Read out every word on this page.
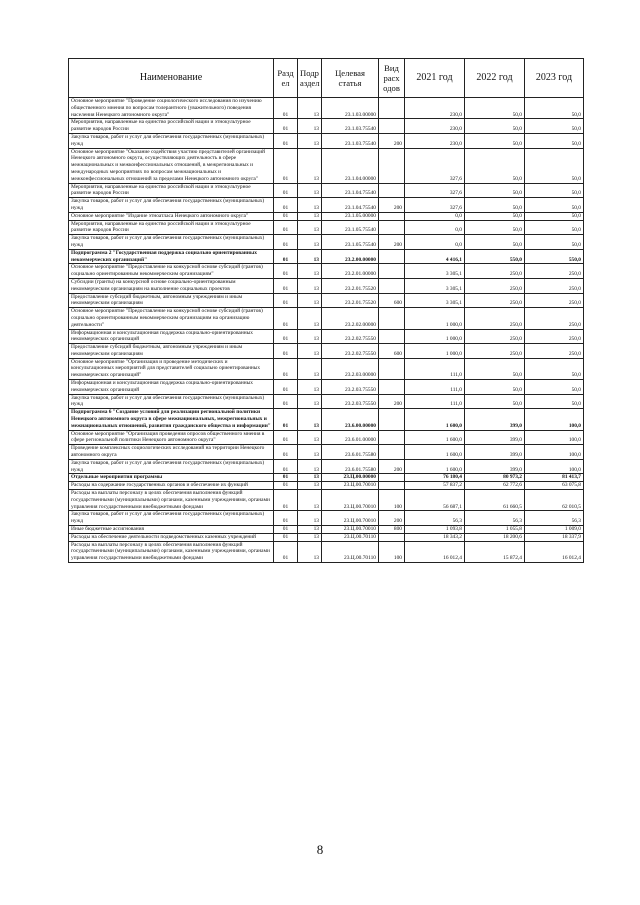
Наименование	Разд ел	Подр аздел	Целевая статья	Вид расх одов	2021 год	2022 год	2023 год
Основное мероприятие "Проведение социологического исследования по изучению общественного мнения по вопросам толерантного (уважительного) поведения населения Ненецкого автономного округа"	01	13	23.1.03.00000		230,0	50,0	50,0
Мероприятия, направленные на единство российской нации и этнокультурное развитие народов России	01	13	23.1.03.75540		230,0	50,0	50,0
Закупка товаров, работ и услуг для обеспечения государственных (муниципальных) нужд	01	13	23.1.03.75540	200	230,0	50,0	50,0
Основное мероприятие "Оказание содействия участию представителей организаций Ненецкого автономного округа, осуществляющих деятельность в сфере межнациональных и межконфессиональных отношений, в межрегиональных и международных мероприятиях по вопросам межнациональных и межконфессиональных отношений за пределами Ненецкого автономного округа"	01	13	23.1.04.00000		327,6	50,0	50,0
Мероприятия, направленные на единство российской нации и этнокультурное развитие народов России	01	13	23.1.04.75540		327,6	50,0	50,0
Закупка товаров, работ и услуг для обеспечения государственных (муниципальных) нужд	01	13	23.1.04.75540	200	327,6	50,0	50,0
Основное мероприятие "Издание этноатласа Ненецкого автономного округа"	01	13	23.1.05.00000		0,0	50,0	50,0
Мероприятия, направленные на единство российской нации и этнокультурное развитие народов России	01	13	23.1.05.75540		0,0	50,0	50,0
Закупка товаров, работ и услуг для обеспечения государственных (муниципальных) нужд	01	13	23.1.05.75540	200	0,0	50,0	50,0
Подпрограмма 2 "Государственная поддержка социально ориентированных некоммерческих организаций"	01	13	23.2.00.00000		4 416,1	550,0	550,0
Основное мероприятие "Предоставление на конкурсной основе субсидий (грантов) социально ориентированным некоммерческим организациям"	01	13	23.2.01.00000		3 305,1	250,0	250,0
Субсидии (гранты) на конкурсной основе социально-ориентированным некоммерческим организациям на выполнение социальных проектов	01	13	23.2.01.75520		3 305,1	250,0	250,0
Предоставление субсидий бюджетным, автономным учреждениям и иным некоммерческим организациям	01	13	23.2.01.75520	600	3 305,1	250,0	250,0
Основное мероприятие "Предоставление на конкурсной основе субсидий (грантов) социально ориентированным некоммерческим организациям на организацию деятельности"	01	13	23.2.02.00000		1 000,0	250,0	250,0
Информационная и консультационная поддержка социально-ориентированных некоммерческих организаций	01	13	23.2.02.75550		1 000,0	250,0	250,0
Предоставление субсидий бюджетным, автономным учреждениям и иным некоммерческим организациям	01	13	23.2.02.75550	600	1 000,0	250,0	250,0
Основное мероприятие "Организация и проведение методических и консультационных мероприятий для представителей социально ориентированных некоммерческих организаций"	01	13	23.2.03.00000		111,0	50,0	50,0
Информационная и консультационная поддержка социально-ориентированных некоммерческих организаций	01	13	23.2.03.75550		111,0	50,0	50,0
Закупка товаров, работ и услуг для обеспечения государственных (муниципальных) нужд	01	13	23.2.03.75550	200	111,0	50,0	50,0
Подпрограмма 6 "Создание условий для реализации региональной политики Ненецкого автономного округа в сфере межнациональных, межрегиональных и межнациональных отношений, развития гражданского общества и информации"	01	13	23.6.00.00000		1 600,0	399,0	100,0
Основное мероприятие "Организация проведения опросов общественного мнения в сфере региональной политики Ненецкого автономного округа"	01	13	23.6.01.00000		1 600,0	399,0	100,0
Проведение комплексных социологических исследований на территории Ненецкого автономного округа	01	13	23.6.01.75580		1 600,0	399,0	100,0
Закупка товаров, работ и услуг для обеспечения государственных (муниципальных) нужд	01	13	23.6.01.75580	200	1 600,0	399,0	100,0
Отдельные мероприятия программы	01	13	23.Ц.00.00000		76 180,4	80 973,2	81 413,7
Расходы на содержание государственных органов и обеспечение их функций	01	13	23.Ц.00.70010		57 837,2	62 772,6	63 075,8
Расходы на выплаты персоналу в целях обеспечения выполнения функций государственными (муниципальными) органами, казенными учреждениями, органами управления государственными внебюджетными фондами	01	13	23.Ц.00.70010	100	56 687,1	61 660,5	62 010,5
Закупка товаров, работ и услуг для обеспечения государственных (муниципальных) нужд	01	13	23.Ц.00.70010	200	56,3	56,3	56,3
Иные бюджетные ассигнования	01	13	23.Ц.00.70010	800	1 093,8	1 055,8	1 009,0
Расходы на обеспечение деятельности подведомственных казенных учреждений	01	13	23.Ц.00.70110		18 343,2	18 200,6	18 337,9
Расходы на выплаты персоналу в целях обеспечения выполнения функций государственными (муниципальными) органами, казенными учреждениями, органами управления государственными внебюджетными фондами	01	13	23.Ц.00.70110	100	16 012,4	15 872,4	16 012,4
8
